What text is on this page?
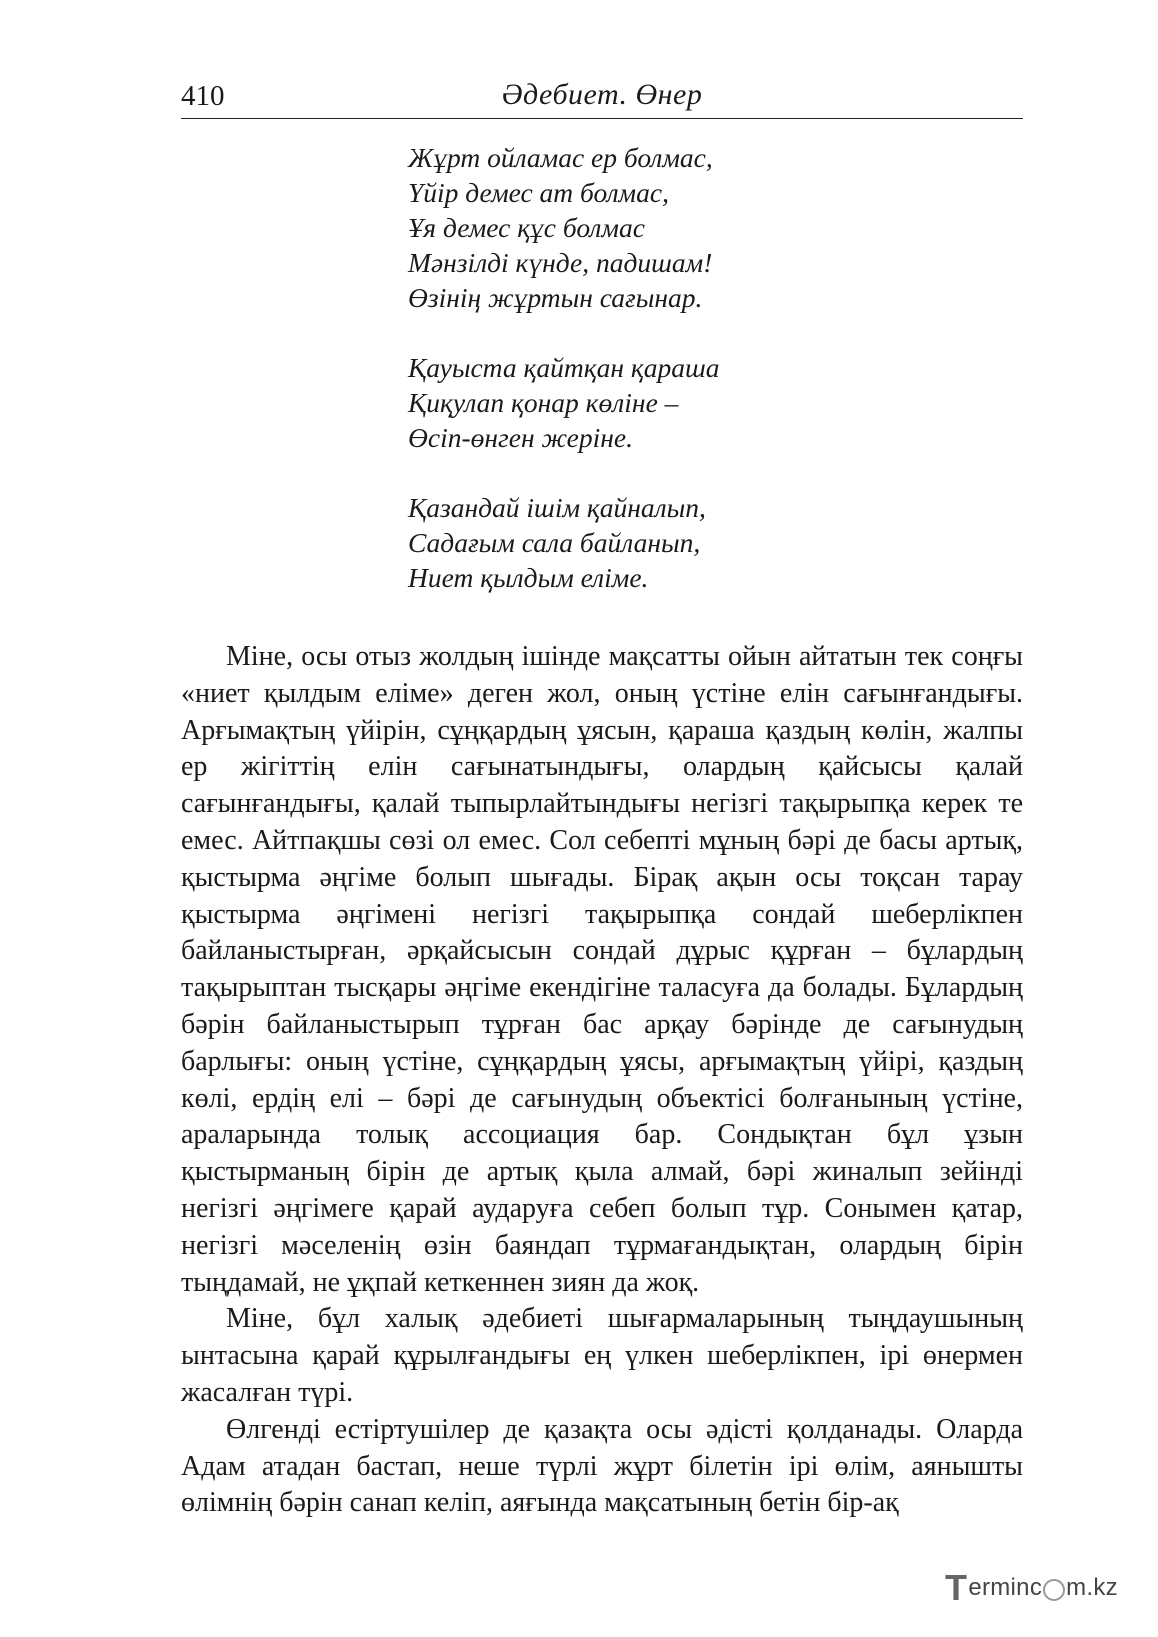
410	Әдебиет. Өнер
Жұрт ойламас ер болмас,
Үйір демес ат болмас,
Ұя демес құс болмас
Мәнзілді күнде, падишам!
Өзінің жұртын сағынар.
Қауыста қайтқан қараша
Қиқулап қонар көліне –
Өсіп-өнген жеріне.
Қазандай ішім қайналып,
Садағым сала байланып,
Ниет қылдым еліме.

Міне, осы отыз жолдың ішінде мақсатты ойын айтатын тек соңғы «ниет қылдым еліме» деген жол, оның үстіне елін сағынғандығы. Арғымақтың үйірін, сұңқардың ұясын, қараша қаздың көлін, жалпы ер жігіттің елін сағынатындығы, олардың қайсысы қалай сағынғандығы, қалай тыпырлайтындығы негізгі тақырыпқа керек те емес. Айтпақшы сөзі ол емес. Сол себепті мұның бәрі де басы артық, қыстырма әңгіме болып шығады. Бірақ ақын осы тоқсан тарау қыстырма әңгімені негізгі тақырыпқа сондай шеберлікпен байланыстырған, әрқайсысын сондай дұрыс құрған – бұлардың тақырыптан тысқары әңгіме екендігіне таласуға да болады. Бұлардың бәрін байланыстырып тұрған бас арқау бәрінде де сағынудың барлығы: оның үстіне, сұңқардың ұясы, арғымақтың үйірі, қаздың көлі, ердің елі – бәрі де сағынудың объектісі болғанының үстіне, араларында толық ассоциация бар. Сондықтан бұл ұзын қыстырманың бірін де артық қыла алмай, бәрі жиналып зейінді негізгі әңгімеге қарай аударуға себеп болып тұр. Сонымен қатар, негізгі мәселенің өзін баяндап тұрмағандықтан, олардың бірін тыңдамай, не ұқпай кеткеннен зиян да жоқ.

Міне, бұл халық әдебиеті шығармаларының тыңдаушының ынтасына қарай құрылғандығы ең үлкен шеберлікпен, ірі өнермен жасалған түрі.

Өлгенді естіртушілер де қазақта осы әдісті қолданады. Оларда Адам атадан бастап, неше түрлі жұрт білетін ірі өлім, аянышты өлімнің бәрін санап келіп, аяғында мақсатының бетін бір-ақ

T erminc m.kz
